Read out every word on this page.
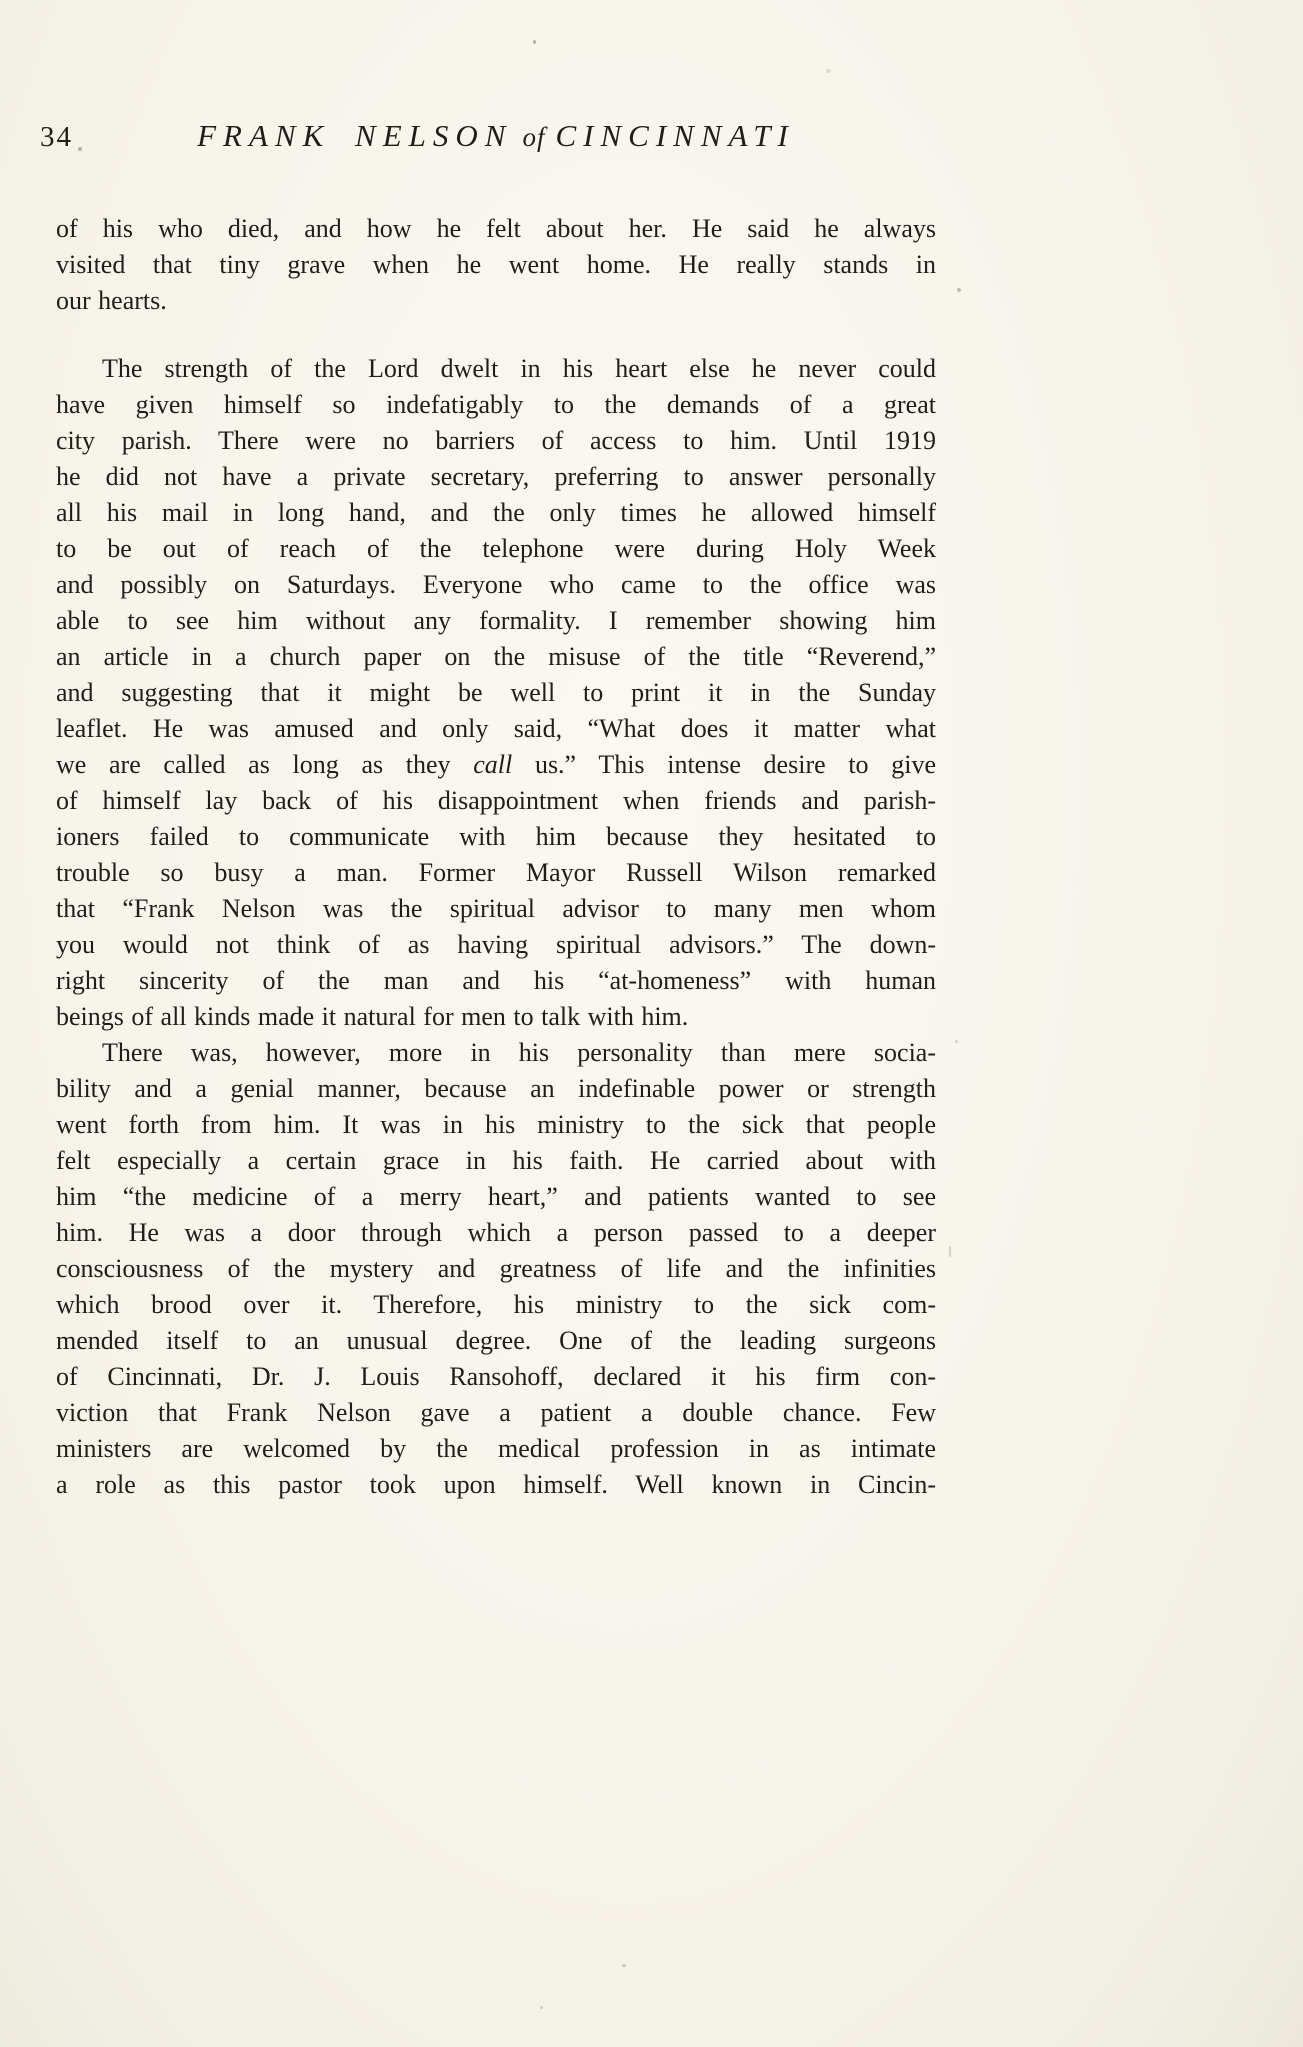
34	FRANK NELSON of CINCINNATI
of his who died, and how he felt about her. He said he always
visited that tiny grave when he went home. He really stands in
our hearts.
The strength of the Lord dwelt in his heart else he never could
have given himself so indefatigably to the demands of a great
city parish. There were no barriers of access to him. Until 1919
he did not have a private secretary, preferring to answer personally
all his mail in long hand, and the only times he allowed himself
to be out of reach of the telephone were during Holy Week
and possibly on Saturdays. Everyone who came to the office was
able to see him without any formality. I remember showing him
an article in a church paper on the misuse of the title “Reverend,”
and suggesting that it might be well to print it in the Sunday
leaflet. He was amused and only said, “What does it matter what
we are called as long as they call us.” This intense desire to give
of himself lay back of his disappointment when friends and parish-
ioners failed to communicate with him because they hesitated to
trouble so busy a man. Former Mayor Russell Wilson remarked
that “Frank Nelson was the spiritual advisor to many men whom
you would not think of as having spiritual advisors.” The down-
right sincerity of the man and his “at-homeness” with human
beings of all kinds made it natural for men to talk with him.
There was, however, more in his personality than mere socia-
bility and a genial manner, because an indefinable power or strength
went forth from him. It was in his ministry to the sick that people
felt especially a certain grace in his faith. He carried about with
him “the medicine of a merry heart,” and patients wanted to see
him. He was a door through which a person passed to a deeper
consciousness of the mystery and greatness of life and the infinities
which brood over it. Therefore, his ministry to the sick com-
mended itself to an unusual degree. One of the leading surgeons
of Cincinnati, Dr. J. Louis Ransohoff, declared it his firm con-
viction that Frank Nelson gave a patient a double chance. Few
ministers are welcomed by the medical profession in as intimate
a role as this pastor took upon himself. Well known in Cincin-
